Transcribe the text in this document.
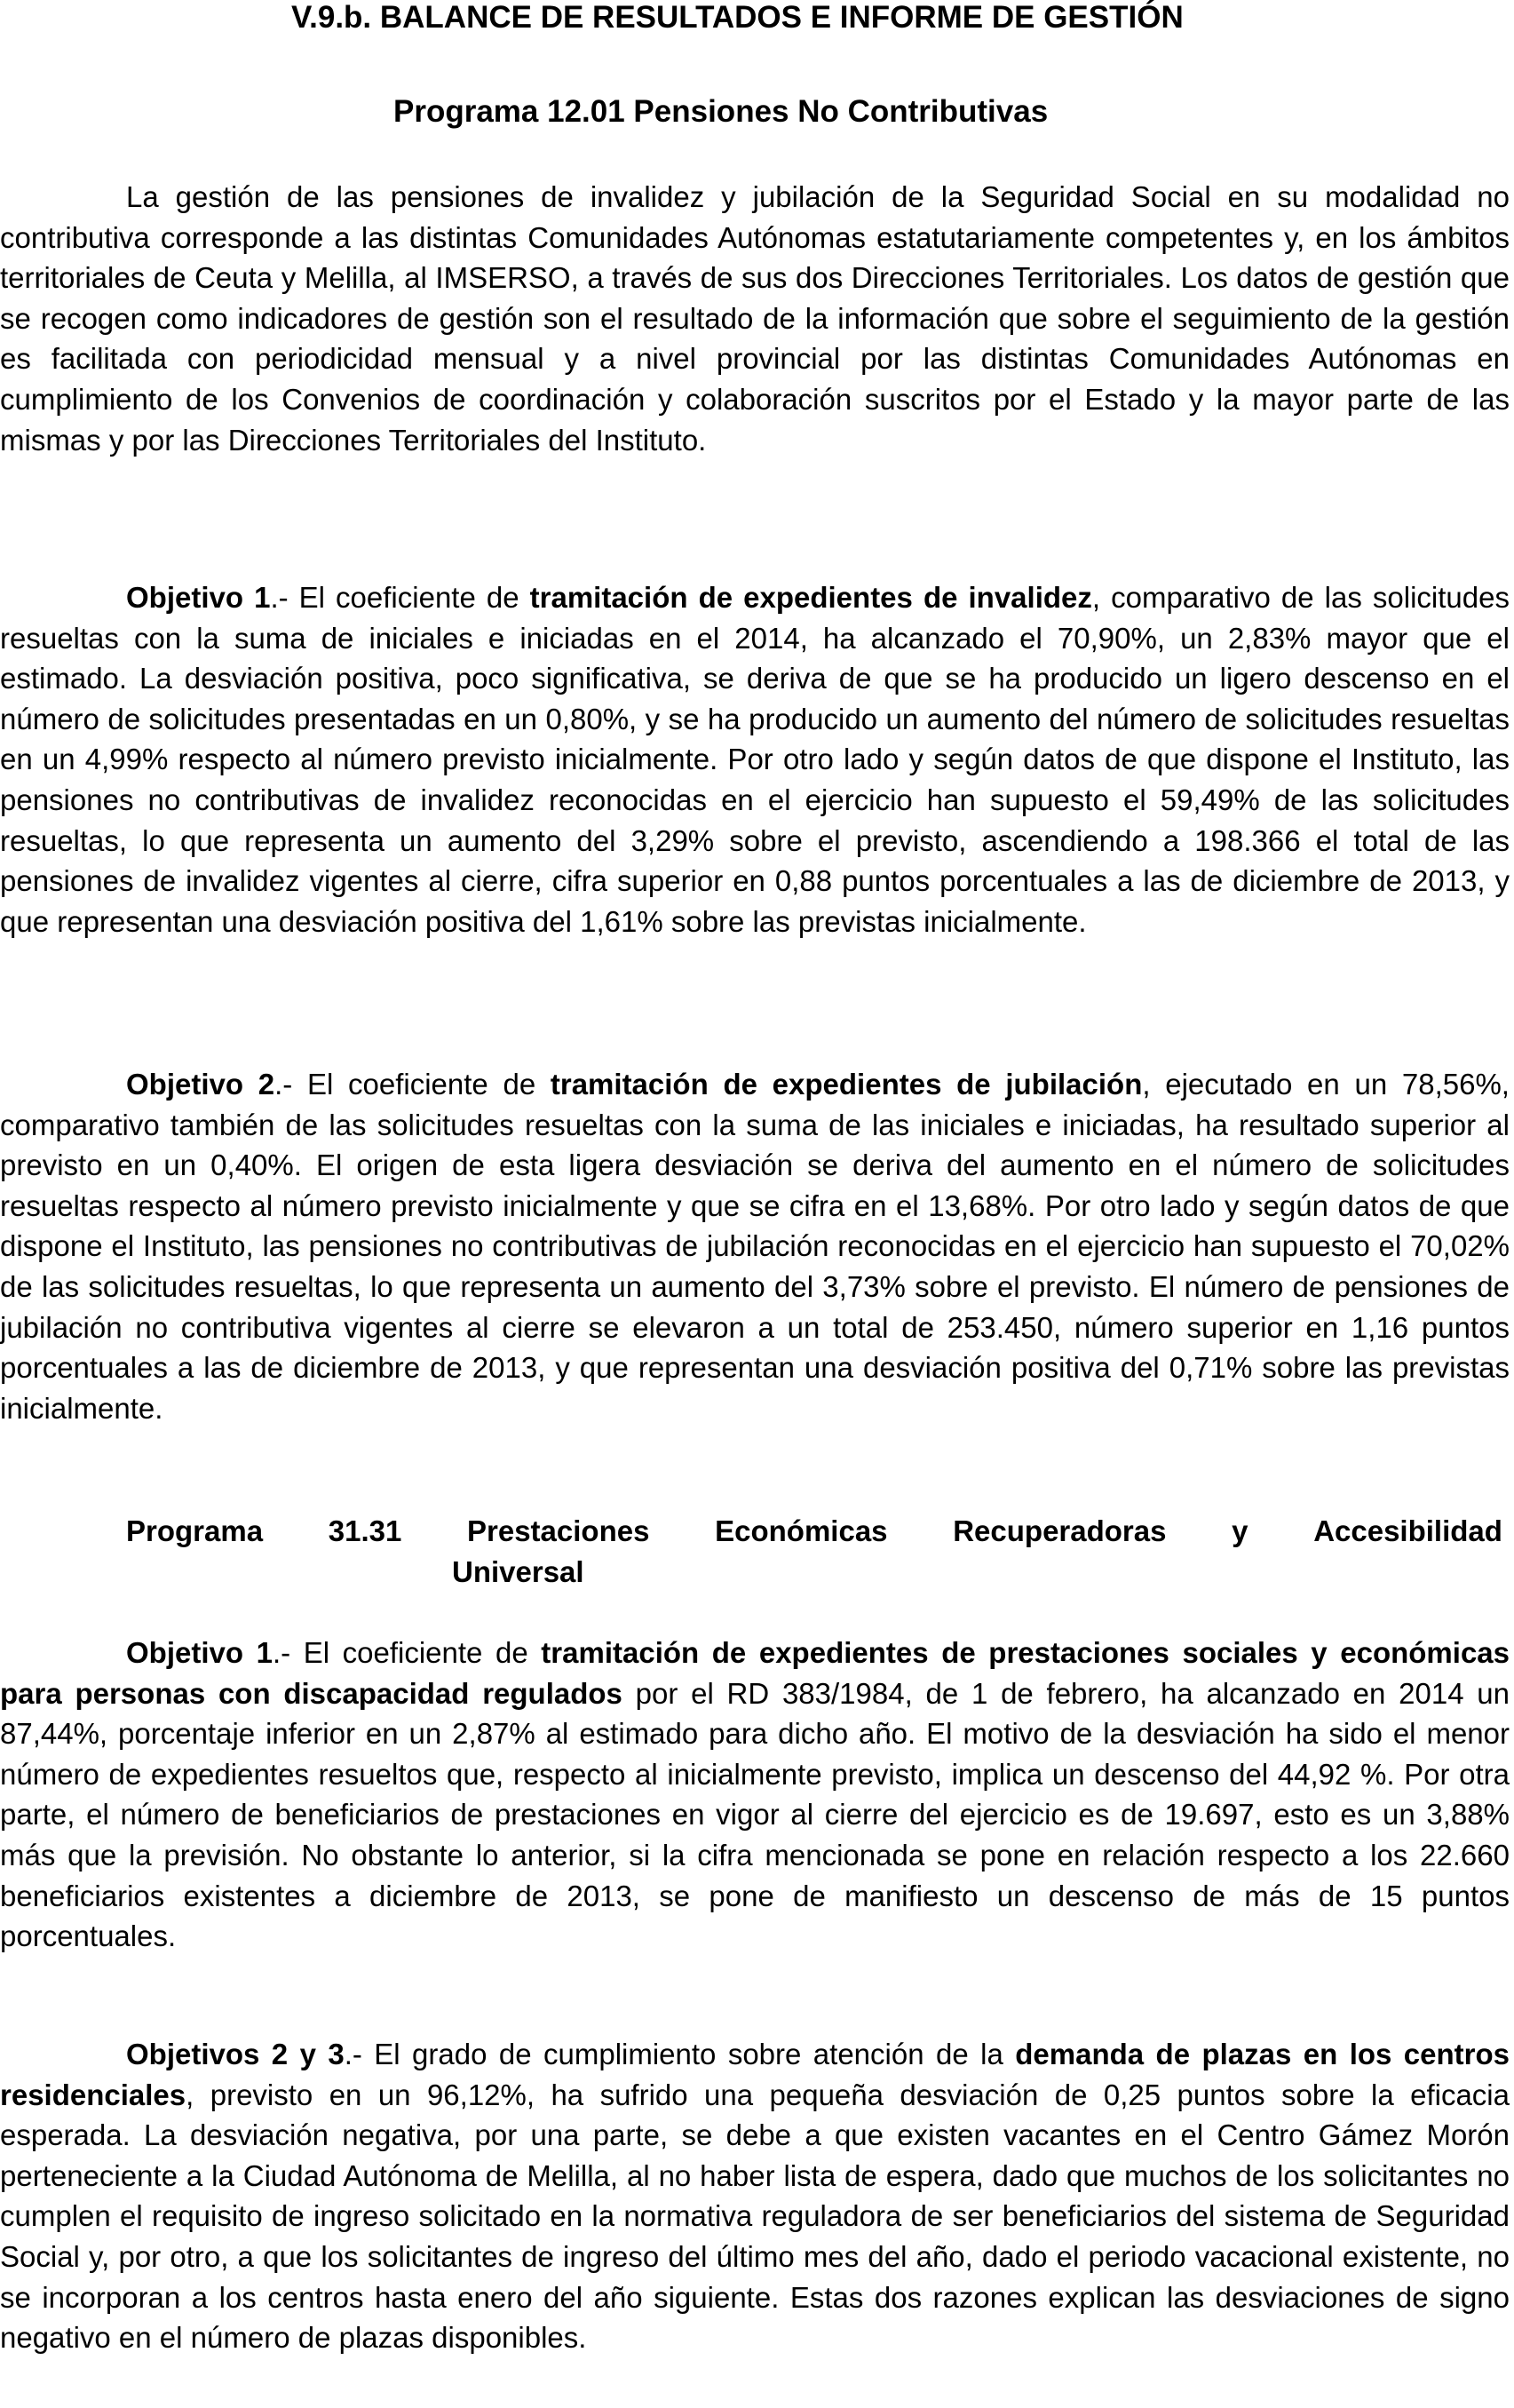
V.9.b. BALANCE DE RESULTADOS E INFORME DE GESTIÓN
Programa 12.01 Pensiones No Contributivas

La gestión de las pensiones de invalidez y jubilación de la Seguridad Social en su modalidad no contributiva corresponde a las distintas Comunidades Autónomas estatutariamente competentes y, en los ámbitos territoriales de Ceuta y Melilla, al IMSERSO, a través de sus dos Direcciones Territoriales. Los datos de gestión que se recogen como indicadores de gestión son el resultado de la información que sobre el seguimiento de la gestión es facilitada con periodicidad mensual y a nivel provincial por las distintas Comunidades Autónomas en cumplimiento de los Convenios de coordinación y colaboración suscritos por el Estado y la mayor parte de las mismas y por las Direcciones Territoriales del Instituto.

Objetivo 1.- El coeficiente de tramitación de expedientes de invalidez, comparativo de las solicitudes resueltas con la suma de iniciales e iniciadas en el 2014, ha alcanzado el 70,90%, un 2,83% mayor que el estimado. La desviación positiva, poco significativa, se deriva de que se ha producido un ligero descenso en el número de solicitudes presentadas en un 0,80%, y se ha producido un aumento del número de solicitudes resueltas en un 4,99% respecto al número previsto inicialmente. Por otro lado y según datos de que dispone el Instituto, las pensiones no contributivas de invalidez reconocidas en el ejercicio han supuesto el 59,49% de las solicitudes resueltas, lo que representa un aumento del 3,29% sobre el previsto, ascendiendo a 198.366 el total de las pensiones de invalidez vigentes al cierre, cifra superior en 0,88 puntos porcentuales a las de diciembre de 2013, y que representan una desviación positiva del 1,61% sobre las previstas inicialmente.

Objetivo 2.- El coeficiente de tramitación de expedientes de jubilación, ejecutado en un 78,56%, comparativo también de las solicitudes resueltas con la suma de las iniciales e iniciadas, ha resultado superior al previsto en un 0,40%. El origen de esta ligera desviación se deriva del aumento en el número de solicitudes resueltas respecto al número previsto inicialmente y que se cifra en el 13,68%. Por otro lado y según datos de que dispone el Instituto, las pensiones no contributivas de jubilación reconocidas en el ejercicio han supuesto el 70,02% de las solicitudes resueltas, lo que representa un aumento del 3,73% sobre el previsto. El número de pensiones de jubilación no contributiva vigentes al cierre se elevaron a un total de 253.450, número superior en 1,16 puntos porcentuales a las de diciembre de 2013, y que representan una desviación positiva del 0,71% sobre las previstas inicialmente.

Programa 31.31 Prestaciones Económicas Recuperadoras y Accesibilidad
Universal

Objetivo 1.- El coeficiente de tramitación de expedientes de prestaciones sociales y económicas para personas con discapacidad regulados por el RD 383/1984, de 1 de febrero, ha alcanzado en 2014 un 87,44%, porcentaje inferior en un 2,87% al estimado para dicho año. El motivo de la desviación ha sido el menor número de expedientes resueltos que, respecto al inicialmente previsto, implica un descenso del 44,92 %. Por otra parte, el número de beneficiarios de prestaciones en vigor al cierre del ejercicio es de 19.697, esto es un 3,88% más que la previsión. No obstante lo anterior, si la cifra mencionada se pone en relación respecto a los 22.660 beneficiarios existentes a diciembre de 2013, se pone de manifiesto un descenso de más de 15 puntos porcentuales.

Objetivos 2 y 3.- El grado de cumplimiento sobre atención de la demanda de plazas en los centros residenciales, previsto en un 96,12%, ha sufrido una pequeña desviación de 0,25 puntos sobre la eficacia esperada. La desviación negativa, por una parte, se debe a que existen vacantes en el Centro Gámez Morón perteneciente a la Ciudad Autónoma de Melilla, al no haber lista de espera, dado que muchos de los solicitantes no cumplen el requisito de ingreso solicitado en la normativa reguladora de ser beneficiarios del sistema de Seguridad Social y, por otro, a que los solicitantes de ingreso del último mes del año, dado el periodo vacacional existente, no se incorporan a los centros hasta enero del año siguiente. Estas dos razones explican las desviaciones de signo negativo en el número de plazas disponibles.
